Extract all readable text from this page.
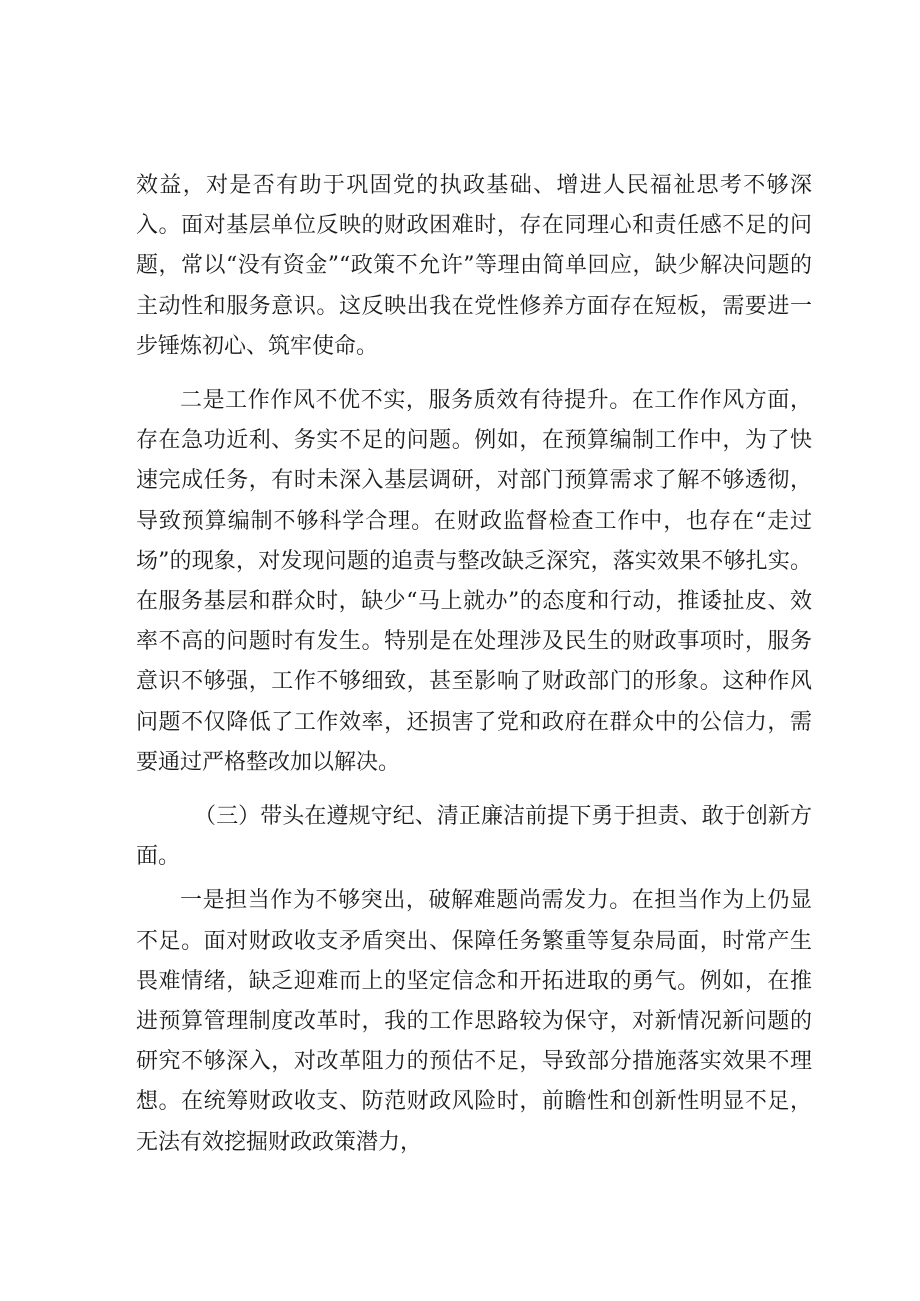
效益，对是否有助于巩固党的执政基础、增进人民福祉思考不够深入。面对基层单位反映的财政困难时，存在同理心和责任感不足的问题，常以“没有资金”“政策不允许”等理由简单回应，缺少解决问题的主动性和服务意识。这反映出我在党性修养方面存在短板，需要进一步锤炼初心、筑牢使命。

二是工作作风不优不实，服务质效有待提升。在工作作风方面，存在急功近利、务实不足的问题。例如，在预算编制工作中，为了快速完成任务，有时未深入基层调研，对部门预算需求了解不够透彻，导致预算编制不够科学合理。在财政监督检查工作中，也存在“走过场”的现象，对发现问题的追责与整改缺乏深究，落实效果不够扎实。在服务基层和群众时，缺少“马上就办”的态度和行动，推诿扯皮、效率不高的问题时有发生。特别是在处理涉及民生的财政事项时，服务意识不够强，工作不够细致，甚至影响了财政部门的形象。这种作风问题不仅降低了工作效率，还损害了党和政府在群众中的公信力，需要通过严格整改加以解决。

（三）带头在遵规守纪、清正廉洁前提下勇于担责、敢于创新方面。

一是担当作为不够突出，破解难题尚需发力。在担当作为上仍显不足。面对财政收支矛盾突出、保障任务繁重等复杂局面，时常产生畏难情绪，缺乏迎难而上的坚定信念和开拓进取的勇气。例如，在推进预算管理制度改革时，我的工作思路较为保守，对新情况新问题的研究不够深入，对改革阻力的预估不足，导致部分措施落实效果不理想。在统筹财政收支、防范财政风险时，前瞻性和创新性明显不足，无法有效挖掘财政政策潜力，
